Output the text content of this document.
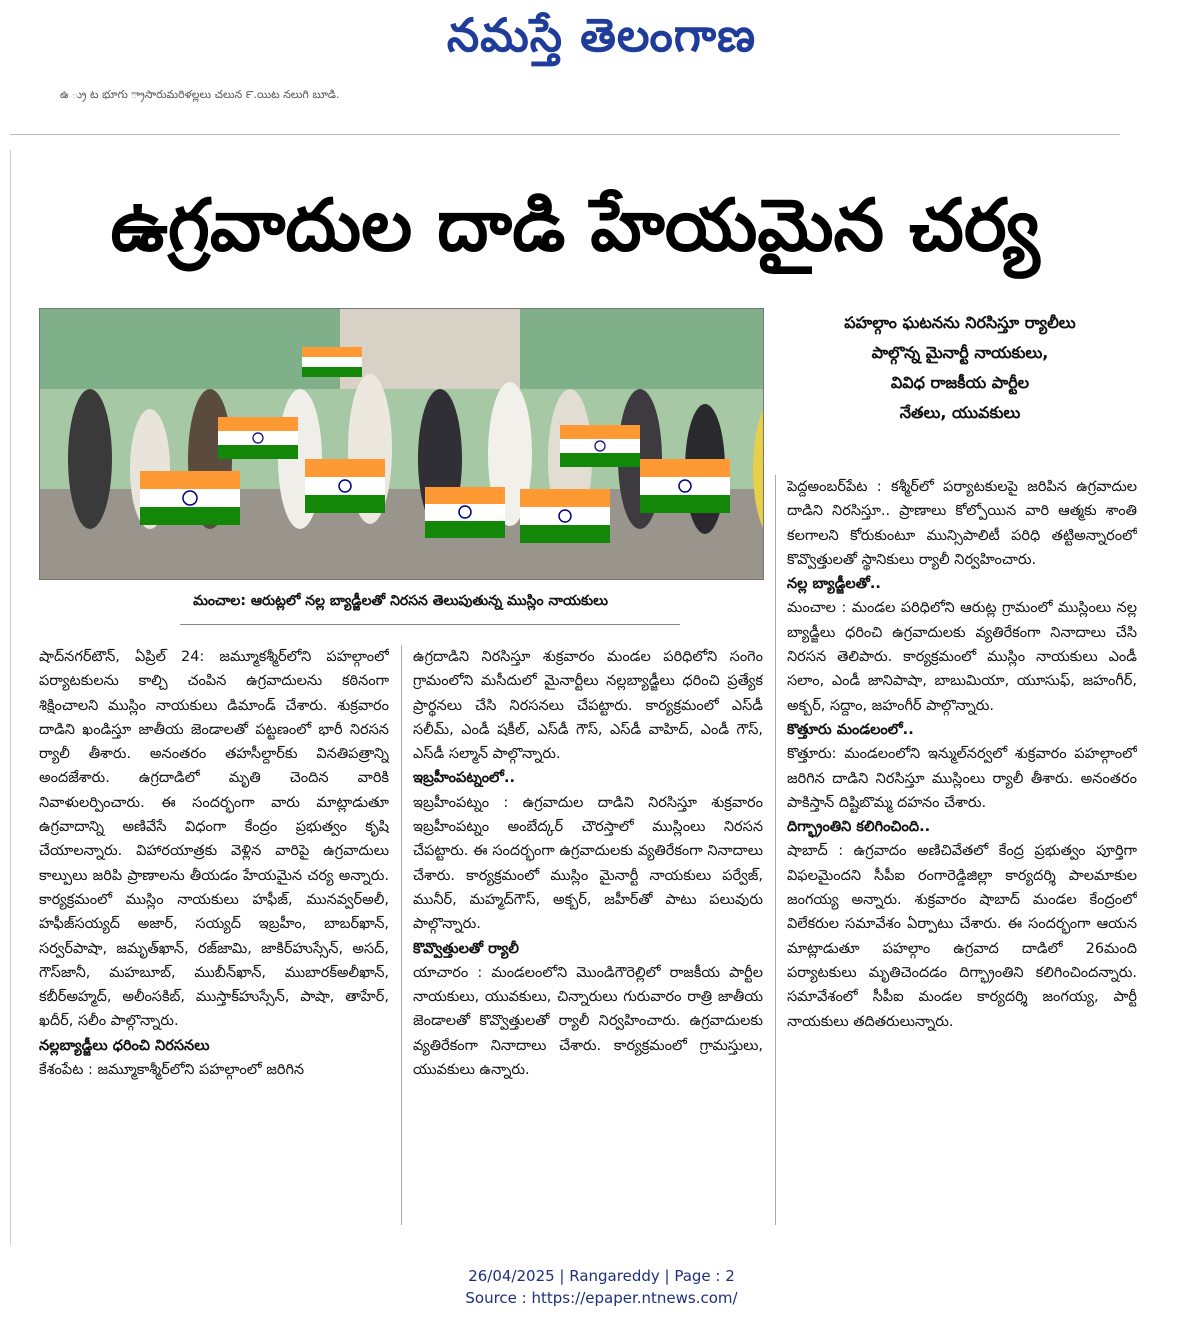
నమస్తే తెలంగాణ
ఉ ్రు ట భూగు ్రాసారుమరిళల్లలు చలున ౯.యిట నలుగి బూడి.
ఉగ్రవాదుల దాడి హేయమైన చర్య
మంచాల: ఆరుట్లలో నల్ల బ్యాడ్జీలతో నిరసన తెలుపుతున్న ముస్లిం నాయకులు
పహల్గాం ఘటనను నిరసిస్తూ ర్యాలీలు
పాల్గొన్న మైనార్టీ నాయకులు,
వివిధ రాజకీయ పార్టీల
నేతలు, యువకులు

షాద్‌నగర్‌టౌన్, ఏప్రిల్ 24: జమ్మూకశ్మీర్‌లోని పహల్గాంలో పర్యాటకులను కాల్చి చంపిన ఉగ్రవాదులను కఠినంగా శిక్షించాలని ముస్లిం నాయకులు డిమాండ్ చేశారు. శుక్రవారం దాడిని ఖండిస్తూ జాతీయ జెండాలతో పట్టణంలో భారీ నిరసన ర్యాలీ తీశారు. అనంతరం తహసీల్దార్‌కు వినతిపత్రాన్ని అందజేశారు. ఉగ్రదాడిలో మృతి చెందిన వారికి నివాళులర్పించారు. ఈ సందర్భంగా వారు మాట్లాడుతూ ఉగ్రవాదాన్ని అణివేసే విధంగా కేంద్రం ప్రభుత్వం కృషి చేయాలన్నారు. విహారయాత్రకు వెళ్లిన వారిపై ఉగ్రవాదులు కాల్పులు జరిపి ప్రాణాలను తీయడం హేయమైన చర్య అన్నారు. కార్యక్రమంలో ముస్లిం నాయకులు హఫీజ్, మునవ్వర్‌అలీ, హఫీజ్‌సయ్యద్ అజార్, సయ్యద్ ఇబ్రహీం, బాబర్‌ఖాన్, సర్వర్‌పాషా, జమృత్‌ఖాన్, రజ్‌జామి, జాకిర్‌హుస్సేన్, అసద్, గౌస్‌జానీ, మహబూబ్, ముబీన్‌ఖాన్, ముబారక్‌అలీఖాన్, కబీర్‌అహ్మద్, అలీంసకిబ్, ముస్తాక్‌హుస్సేన్, పాషా, తాహేర్, ఖదీర్, సలీం పాల్గొన్నారు.

నల్లబ్యాడ్జీలు ధరించి నిరసనలు

కేశంపేట : జమ్మూకాశ్మీర్‌లోని పహల్గాంలో జరిగిన

ఉగ్రదాడిని నిరసిస్తూ శుక్రవారం మండల పరిధిలోని సంగెం గ్రామంలోని మసీదులో మైనార్టీలు నల్లబ్యాడ్జీలు ధరించి ప్రత్యేక ప్రార్థనలు చేసి నిరసనలు చేపట్టారు. కార్యక్రమంలో ఎస్‌డీ సలీమ్, ఎండీ షకీల్, ఎస్‌డీ గౌస్, ఎస్‌డీ వాహిద్, ఎండీ గౌస్, ఎస్‌డీ సల్మాన్ పాల్గొన్నారు.

ఇబ్రహీంపట్నంలో..

ఇబ్రహీంపట్నం : ఉగ్రవాదుల దాడిని నిరసిస్తూ శుక్రవారం ఇబ్రహీంపట్నం అంబేద్కర్ చౌరస్తాలో ముస్లింలు నిరసన చేపట్టారు. ఈ సందర్భంగా ఉగ్రవాదులకు వ్యతిరేకంగా నినాదాలు చేశారు. కార్యక్రమంలో ముస్లిం మైనార్టీ నాయకులు పర్వేజ్, మునీర్, మహ్మద్‌గౌస్, అక్బర్, జహీర్‌తో పాటు పలువురు పాల్గొన్నారు.

కొవ్వొత్తులతో ర్యాలీ

యాచారం : మండలంలోని మొండిగౌరెల్లిలో రాజకీయ పార్టీల నాయకులు, యువకులు, చిన్నారులు గురువారం రాత్రి జాతీయ జెండాలతో కొవ్వొత్తులతో ర్యాలీ నిర్వహించారు. ఉగ్రవాదులకు వ్యతిరేకంగా నినాదాలు చేశారు. కార్యక్రమంలో గ్రామస్తులు, యువకులు ఉన్నారు.

పెద్దఅంబర్‌పేట : కశ్మీర్‌లో పర్యాటకులపై జరిపిన ఉగ్రవాదుల దాడిని నిరసిస్తూ.. ప్రాణాలు కోల్పోయిన వారి ఆత్మకు శాంతి కలగాలని కోరుకుంటూ మున్సిపాలిటీ పరిధి తట్టిఅన్నారంలో కొవ్వొత్తులతో స్థానికులు ర్యాలీ నిర్వహించారు.

నల్ల బ్యాడ్జీలతో..

మంచాల : మండల పరిధిలోని ఆరుట్ల గ్రామంలో ముస్లింలు నల్ల బ్యాడ్జీలు ధరించి ఉగ్రవాదులకు వ్యతిరేకంగా నినాదాలు చేసి నిరసన తెలిపారు. కార్యక్రమంలో ముస్లిం నాయకులు ఎండీ సలాం, ఎండీ జానిపాషా, బాబుమియా, యూసుఫ్, జహంగీర్, అక్బర్, సద్దాం, జహంగీర్ పాల్గొన్నారు.

కొత్తూరు మండలంలో..

కొత్తూరు: మండలంలోని ఇన్ముల్‌నర్వలో శుక్రవారం పహల్గాంలో జరిగిన దాడిని నిరసిస్తూ ముస్లింలు ర్యాలీ తీశారు. అనంతరం పాకిస్తాన్ దిష్టిబొమ్మ దహనం చేశారు.

దిగ్భ్రాంతిని కలిగించింది..

షాబాద్ : ఉగ్రవాదం అణిచివేతలో కేంద్ర ప్రభుత్వం పూర్తిగా విఫలమైందని సీపీఐ రంగారెడ్డిజిల్లా కార్యదర్శి పాలమాకుల జంగయ్య అన్నారు. శుక్రవారం షాబాద్ మండల కేంద్రంలో విలేకరుల సమావేశం ఏర్పాటు చేశారు. ఈ సందర్భంగా ఆయన మాట్లాడుతూ పహల్గాం ఉగ్రవాద దాడిలో 26మంది పర్యాటకులు మృతిచెందడం దిగ్భ్రాంతిని కలిగించిందన్నారు. సమావేశంలో సీపీఐ మండల కార్యదర్శి జంగయ్య, పార్టీ నాయకులు తదితరులున్నారు.

26/04/2025 | Rangareddy | Page : 2
Source : https://epaper.ntnews.com/
